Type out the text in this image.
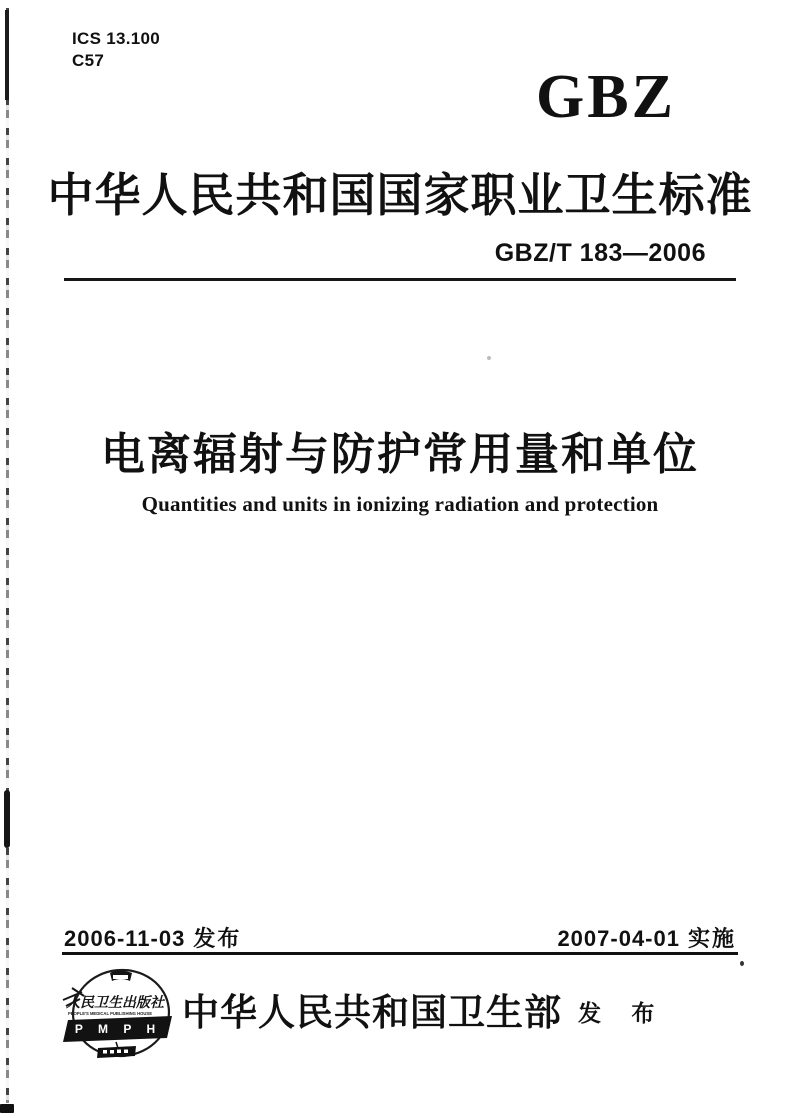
ICS 13.100
C57
GBZ
中华人民共和国国家职业卫生标准
GBZ/T 183—2006
电离辐射与防护常用量和单位
Quantities and units in ionizing radiation and protection
2006-11-03 发布	2007-04-01 实施
人民卫生出版社
PEOPLE'S MEDICAL PUBLISHING HOUSE
P M P H 中华人民共和国卫生部 发 布
